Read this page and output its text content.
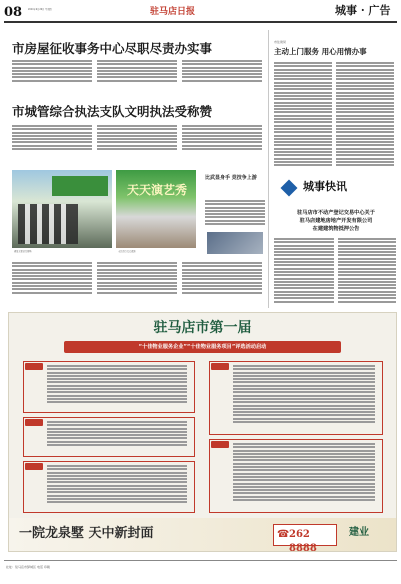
08	2024年9月26日 星期四	驻马店日报	城事 · 广告
市房屋征收事务中心尽职尽责办实事
市城管综合执法支队文明执法受称赞
颁发荣誉证书现场
天天演艺秀
市民进行文艺表演
比武显身手 竞技争上游
市住建局
主动上门服务 用心用情办事
城事快讯
驻马店市不动产登记交易中心关于
驻马店建地房地产开发有限公司
在建建筑物抵押公告
驻马店市第一届
“十佳物业服务企业”“十佳物业服务项目”评选活动启动
一院龙泉墅 天中新封面	☎ 262 8888
建业
社址：驻马店市驿城区 电话 印刷
